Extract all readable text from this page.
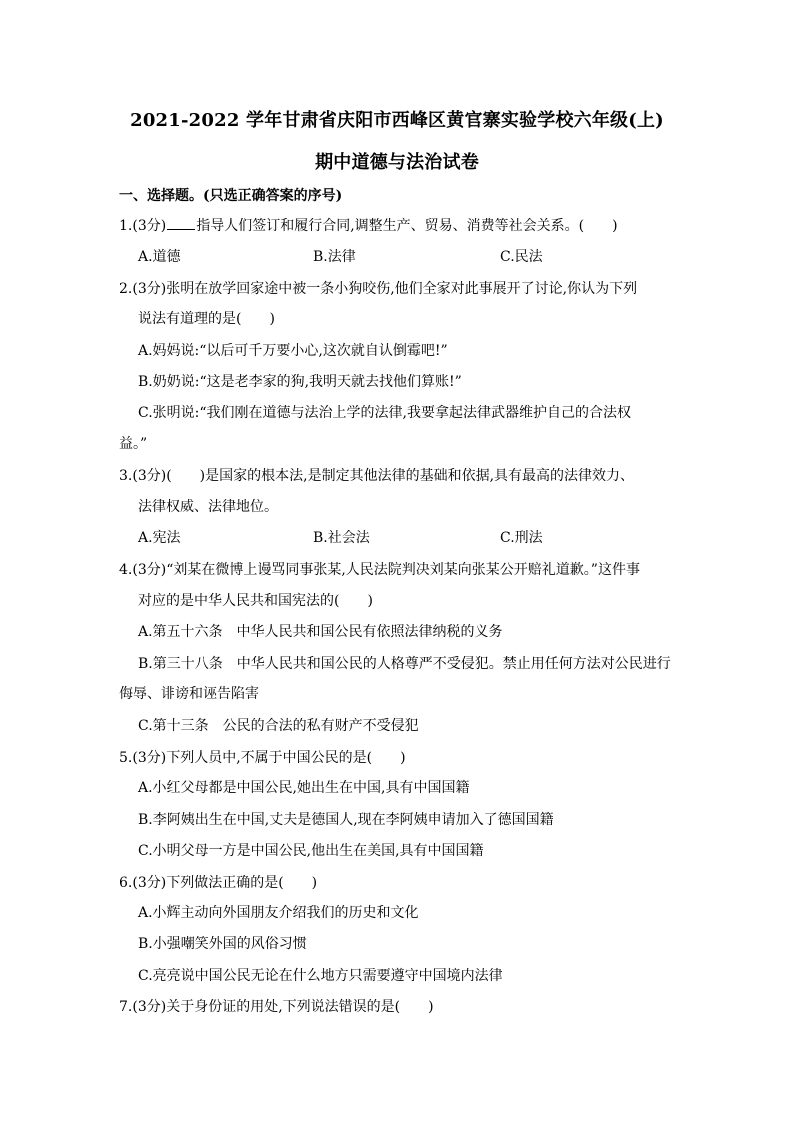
2021-2022 学年甘肃省庆阳市西峰区黄官寨实验学校六年级(上)
期中道德与法治试卷
一、选择题。(只选正确答案的序号)
1.(3分) 指导人们签订和履行合同,调整生产、贸易、消费等社会关系。(　　)
A.道德	B.法律	C.民法
2.(3分)张明在放学回家途中被一条小狗咬伤,他们全家对此事展开了讨论,你认为下列
说法有道理的是(　　)
A.妈妈说:“以后可千万要小心,这次就自认倒霉吧!”
B.奶奶说:“这是老李家的狗,我明天就去找他们算账!”
C.张明说:“我们刚在道德与法治上学的法律,我要拿起法律武器维护自己的合法权
益。”
3.(3分)(　　)是国家的根本法,是制定其他法律的基础和依据,具有最高的法律效力、
法律权威、法律地位。
A.宪法	B.社会法	C.刑法
4.(3分)“刘某在微博上谩骂同事张某,人民法院判决刘某向张某公开赔礼道歉。”这件事
对应的是中华人民共和国宪法的(　　)
A.第五十六条　中华人民共和国公民有依照法律纳税的义务
B.第三十八条　中华人民共和国公民的人格尊严不受侵犯。禁止用任何方法对公民进行
侮辱、诽谤和诬告陷害
C.第十三条　公民的合法的私有财产不受侵犯
5.(3分)下列人员中,不属于中国公民的是(　　)
A.小红父母都是中国公民,她出生在中国,具有中国国籍
B.李阿姨出生在中国,丈夫是德国人,现在李阿姨申请加入了德国国籍
C.小明父母一方是中国公民,他出生在美国,具有中国国籍
6.(3分)下列做法正确的是(　　)
A.小辉主动向外国朋友介绍我们的历史和文化
B.小强嘲笑外国的风俗习惯
C.亮亮说中国公民无论在什么地方只需要遵守中国境内法律
7.(3分)关于身份证的用处,下列说法错误的是(　　)
